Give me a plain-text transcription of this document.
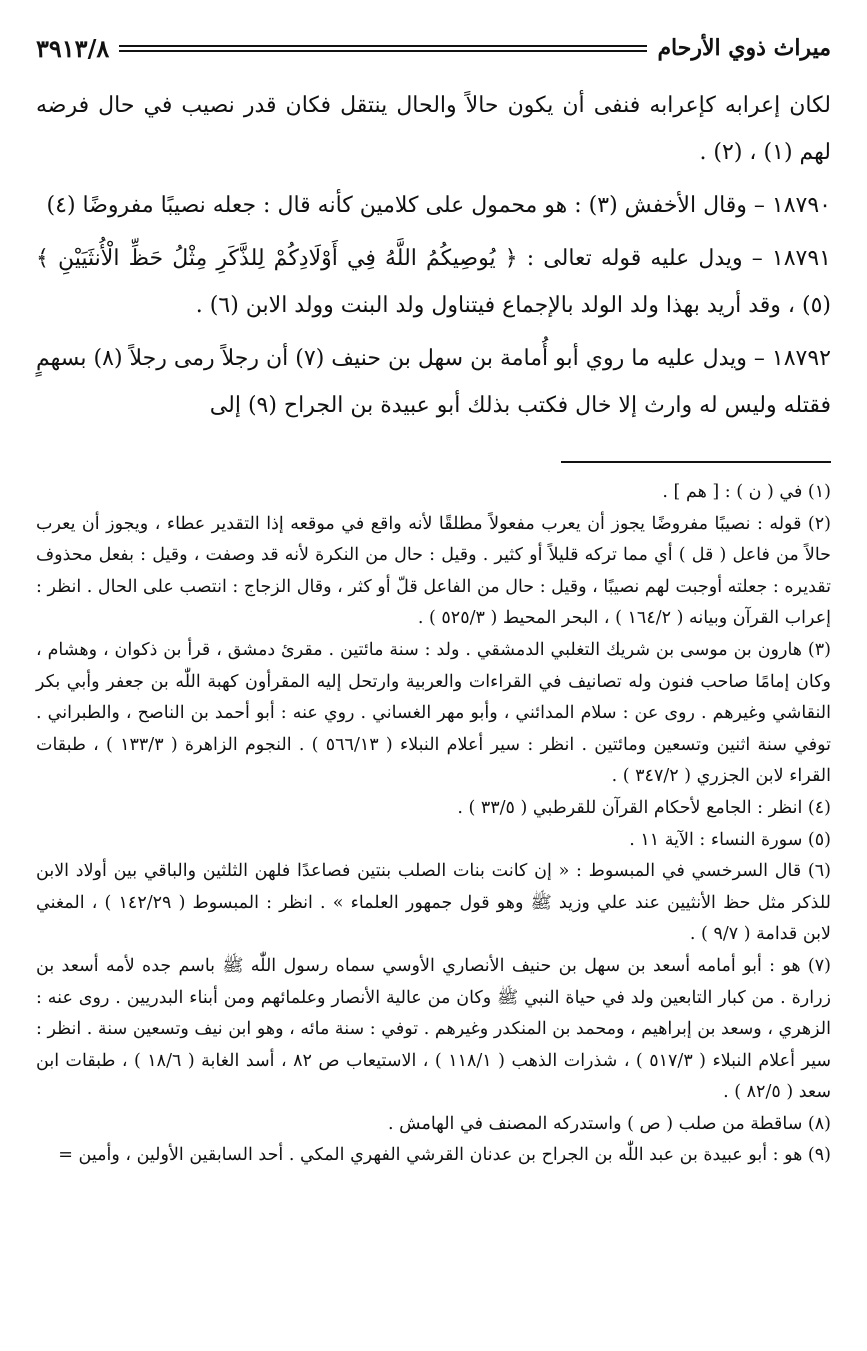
ميراث ذوي الأرحام
٣٩١٣/٨

لكان إعرابه كإعرابه فنفى أن يكون حالاً والحال ينتقل فكان قدر نصيب في حال فرضه لهم (١) ، (٢) .

١٨٧٩٠ – وقال الأخفش (٣) : هو محمول على كلامين كأنه قال : جعله نصيبًا مفروضًا (٤)

١٨٧٩١ – ويدل عليه قوله تعالى : ﴿ يُوصِيكُمُ اللَّهُ فِي أَوْلَادِكُمْ لِلذَّكَرِ مِثْلُ حَظِّ الْأُنثَيَيْنِ ﴾ (٥) ، وقد أريد بهذا ولد الولد بالإجماع فيتناول ولد البنت وولد الابن (٦) .

١٨٧٩٢ – ويدل عليه ما روي أبو أُمامة بن سهل بن حنيف (٧) أن رجلاً رمى رجلاً (٨) بسهمٍ فقتله وليس له وارث إلا خال فكتب بذلك أبو عبيدة بن الجراح (٩) إلى

(١) في ( ن ) : [ هم ] .

(٢) قوله : نصيبًا مفروضًا يجوز أن يعرب مفعولاً مطلقًا لأنه واقع في موقعه إذا التقدير عطاء ، ويجوز أن يعرب حالاً من فاعل ( قل ) أي مما تركه قليلاً أو كثير . وقيل : حال من النكرة لأنه قد وصفت ، وقيل : بفعل محذوف تقديره : جعلته أوجبت لهم نصيبًا ، وقيل : حال من الفاعل قلّ أو كثر ، وقال الزجاج : انتصب على الحال . انظر : إعراب القرآن وبيانه ( ١٦٤/٢ ) ، البحر المحيط ( ٥٢٥/٣ ) .

(٣) هارون بن موسى بن شريك التغلبي الدمشقي . ولد : سنة مائتين . مقرئ دمشق ، قرأ بن ذكوان ، وهشام ، وكان إمامًا صاحب فنون وله تصانيف في القراءات والعربية وارتحل إليه المقرأون كهبة اللّٰه بن جعفر وأبي بكر النقاشي وغيرهم . روى عن : سلام المدائني ، وأبو مهر الغساني . روي عنه : أبو أحمد بن الناصح ، والطبراني . توفي سنة اثنين وتسعين ومائتين . انظر : سير أعلام النبلاء ( ٥٦٦/١٣ ) . النجوم الزاهرة ( ١٣٣/٣ ) ، طبقات القراء لابن الجزري ( ٣٤٧/٢ ) .

(٤) انظر : الجامع لأحكام القرآن للقرطبي ( ٣٣/٥ ) .

(٥) سورة النساء : الآية ١١ .

(٦) قال السرخسي في المبسوط : « إن كانت بنات الصلب بنتين فصاعدًا فلهن الثلثين والباقي بين أولاد الابن للذكر مثل حظ الأنثيين عند علي وزيد ﷺ وهو قول جمهور العلماء » . انظر : المبسوط ( ١٤٢/٢٩ ) ، المغني لابن قدامة ( ٩/٧ ) .

(٧) هو : أبو أمامه أسعد بن سهل بن حنيف الأنصاري الأوسي سماه رسول اللّٰه ﷺ باسم جده لأمه أسعد بن زرارة . من كبار التابعين ولد في حياة النبي ﷺ وكان من عالية الأنصار وعلمائهم ومن أبناء البدريين . روى عنه : الزهري ، وسعد بن إبراهيم ، ومحمد بن المنكدر وغيرهم . توفي : سنة مائه ، وهو ابن نيف وتسعين سنة . انظر : سير أعلام النبلاء ( ٥١٧/٣ ) ، شذرات الذهب ( ١١٨/١ ) ، الاستيعاب ص ٨٢ ، أسد الغابة ( ١٨/٦ ) ، طبقات ابن سعد ( ٨٢/٥ ) .

(٨) ساقطة من صلب ( ص ) واستدركه المصنف في الهامش .

(٩) هو : أبو عبيدة بن عبد اللّٰه بن الجراح بن عدنان القرشي الفهري المكي . أحد السابقين الأولين ، وأمين =
